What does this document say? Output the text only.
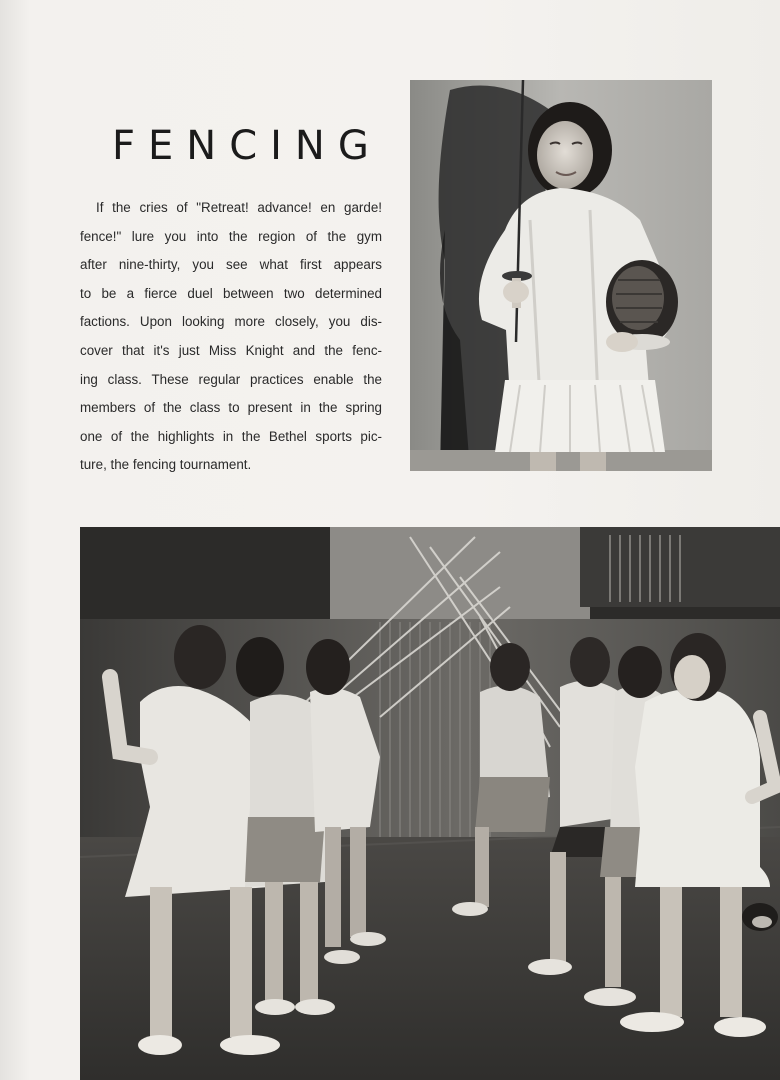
FENCING
If the cries of "Retreat! advance! en garde!
fence!" lure you into the region of the gym
after nine-thirty, you see what first appears
to be a fierce duel between two determined
factions. Upon looking more closely, you dis-
cover that it's just Miss Knight and the fenc-
ing class. These regular practices enable the
members of the class to present in the spring
one of the highlights in the Bethel sports pic-
ture, the fencing tournament.
